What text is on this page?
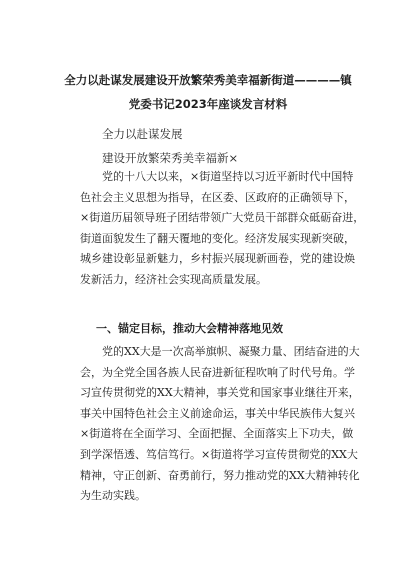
全力以赴谋发展建设开放繁荣秀美幸福新街道————镇
党委书记2023年座谈发言材料
全力以赴谋发展
建设开放繁荣秀美幸福新×
党的十八大以来，×街道坚持以习近平新时代中国特
色社会主义思想为指导，在区委、区政府的正确领导下，
×街道历届领导班子团结带领广大党员干部群众砥砺奋进，
街道面貌发生了翻天覆地的变化。经济发展实现新突破，
城乡建设彰显新魅力，乡村振兴展现新画卷，党的建设焕
发新活力，经济社会实现高质量发展。
一、锚定目标，推动大会精神落地见效
党的XX大是一次高举旗帜、凝聚力量、团结奋进的大
会，为全党全国各族人民奋进新征程吹响了时代号角。学
习宣传贯彻党的XX大精神，事关党和国家事业继往开来，
事关中国特色社会主义前途命运，事关中华民族伟大复兴
×街道将在全面学习、全面把握、全面落实上下功夫，做
到学深悟透、笃信笃行。×街道将学习宣传贯彻党的XX大
精神，守正创新、奋勇前行，努力推动党的XX大精神转化
为生动实践。
